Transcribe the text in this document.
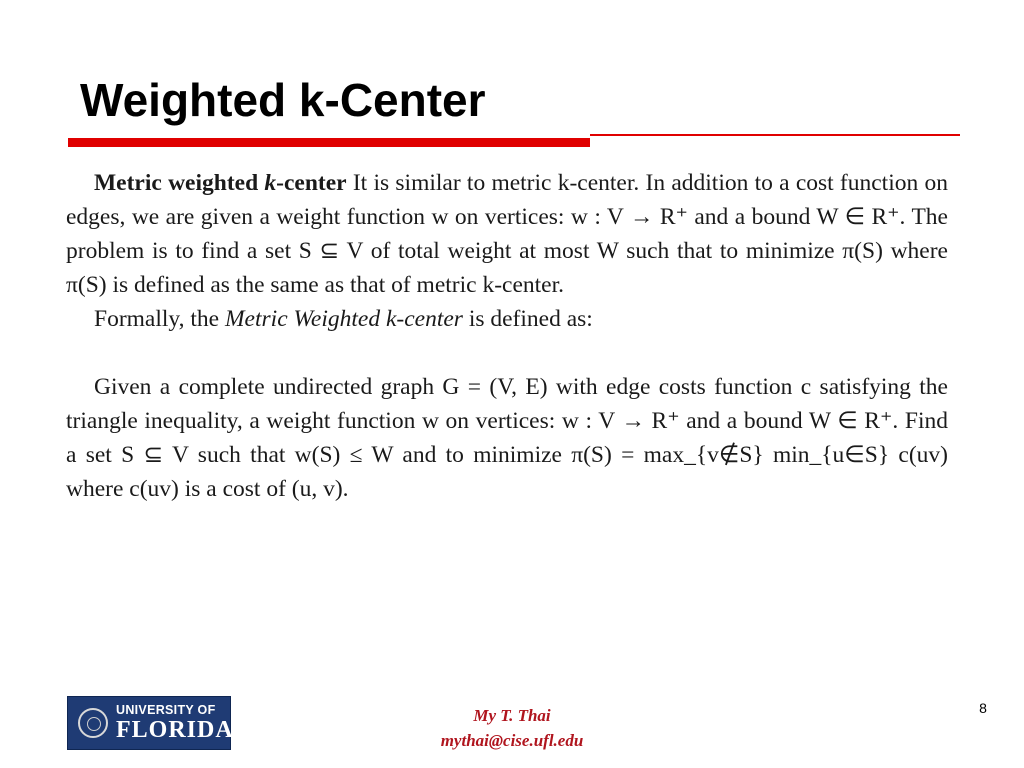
Weighted k-Center

Metric weighted k-center It is similar to metric k-center. In addition to a cost function on edges, we are given a weight function w on vertices: w : V → R⁺ and a bound W ∈ R⁺. The problem is to find a set S ⊆ V of total weight at most W such that to minimize π(S) where π(S) is defined as the same as that of metric k-center.

Formally, the Metric Weighted k-center is defined as:

Given a complete undirected graph G = (V, E) with edge costs function c satisfying the triangle inequality, a weight function w on vertices: w : V → R⁺ and a bound W ∈ R⁺. Find a set S ⊆ V such that w(S) ≤ W and to minimize π(S) = max_{v∉S} min_{u∈S} c(uv) where c(uv) is a cost of (u, v).

UNIVERSITY OF
FLORIDA
My T. Thai
mythai@cise.ufl.edu
8
